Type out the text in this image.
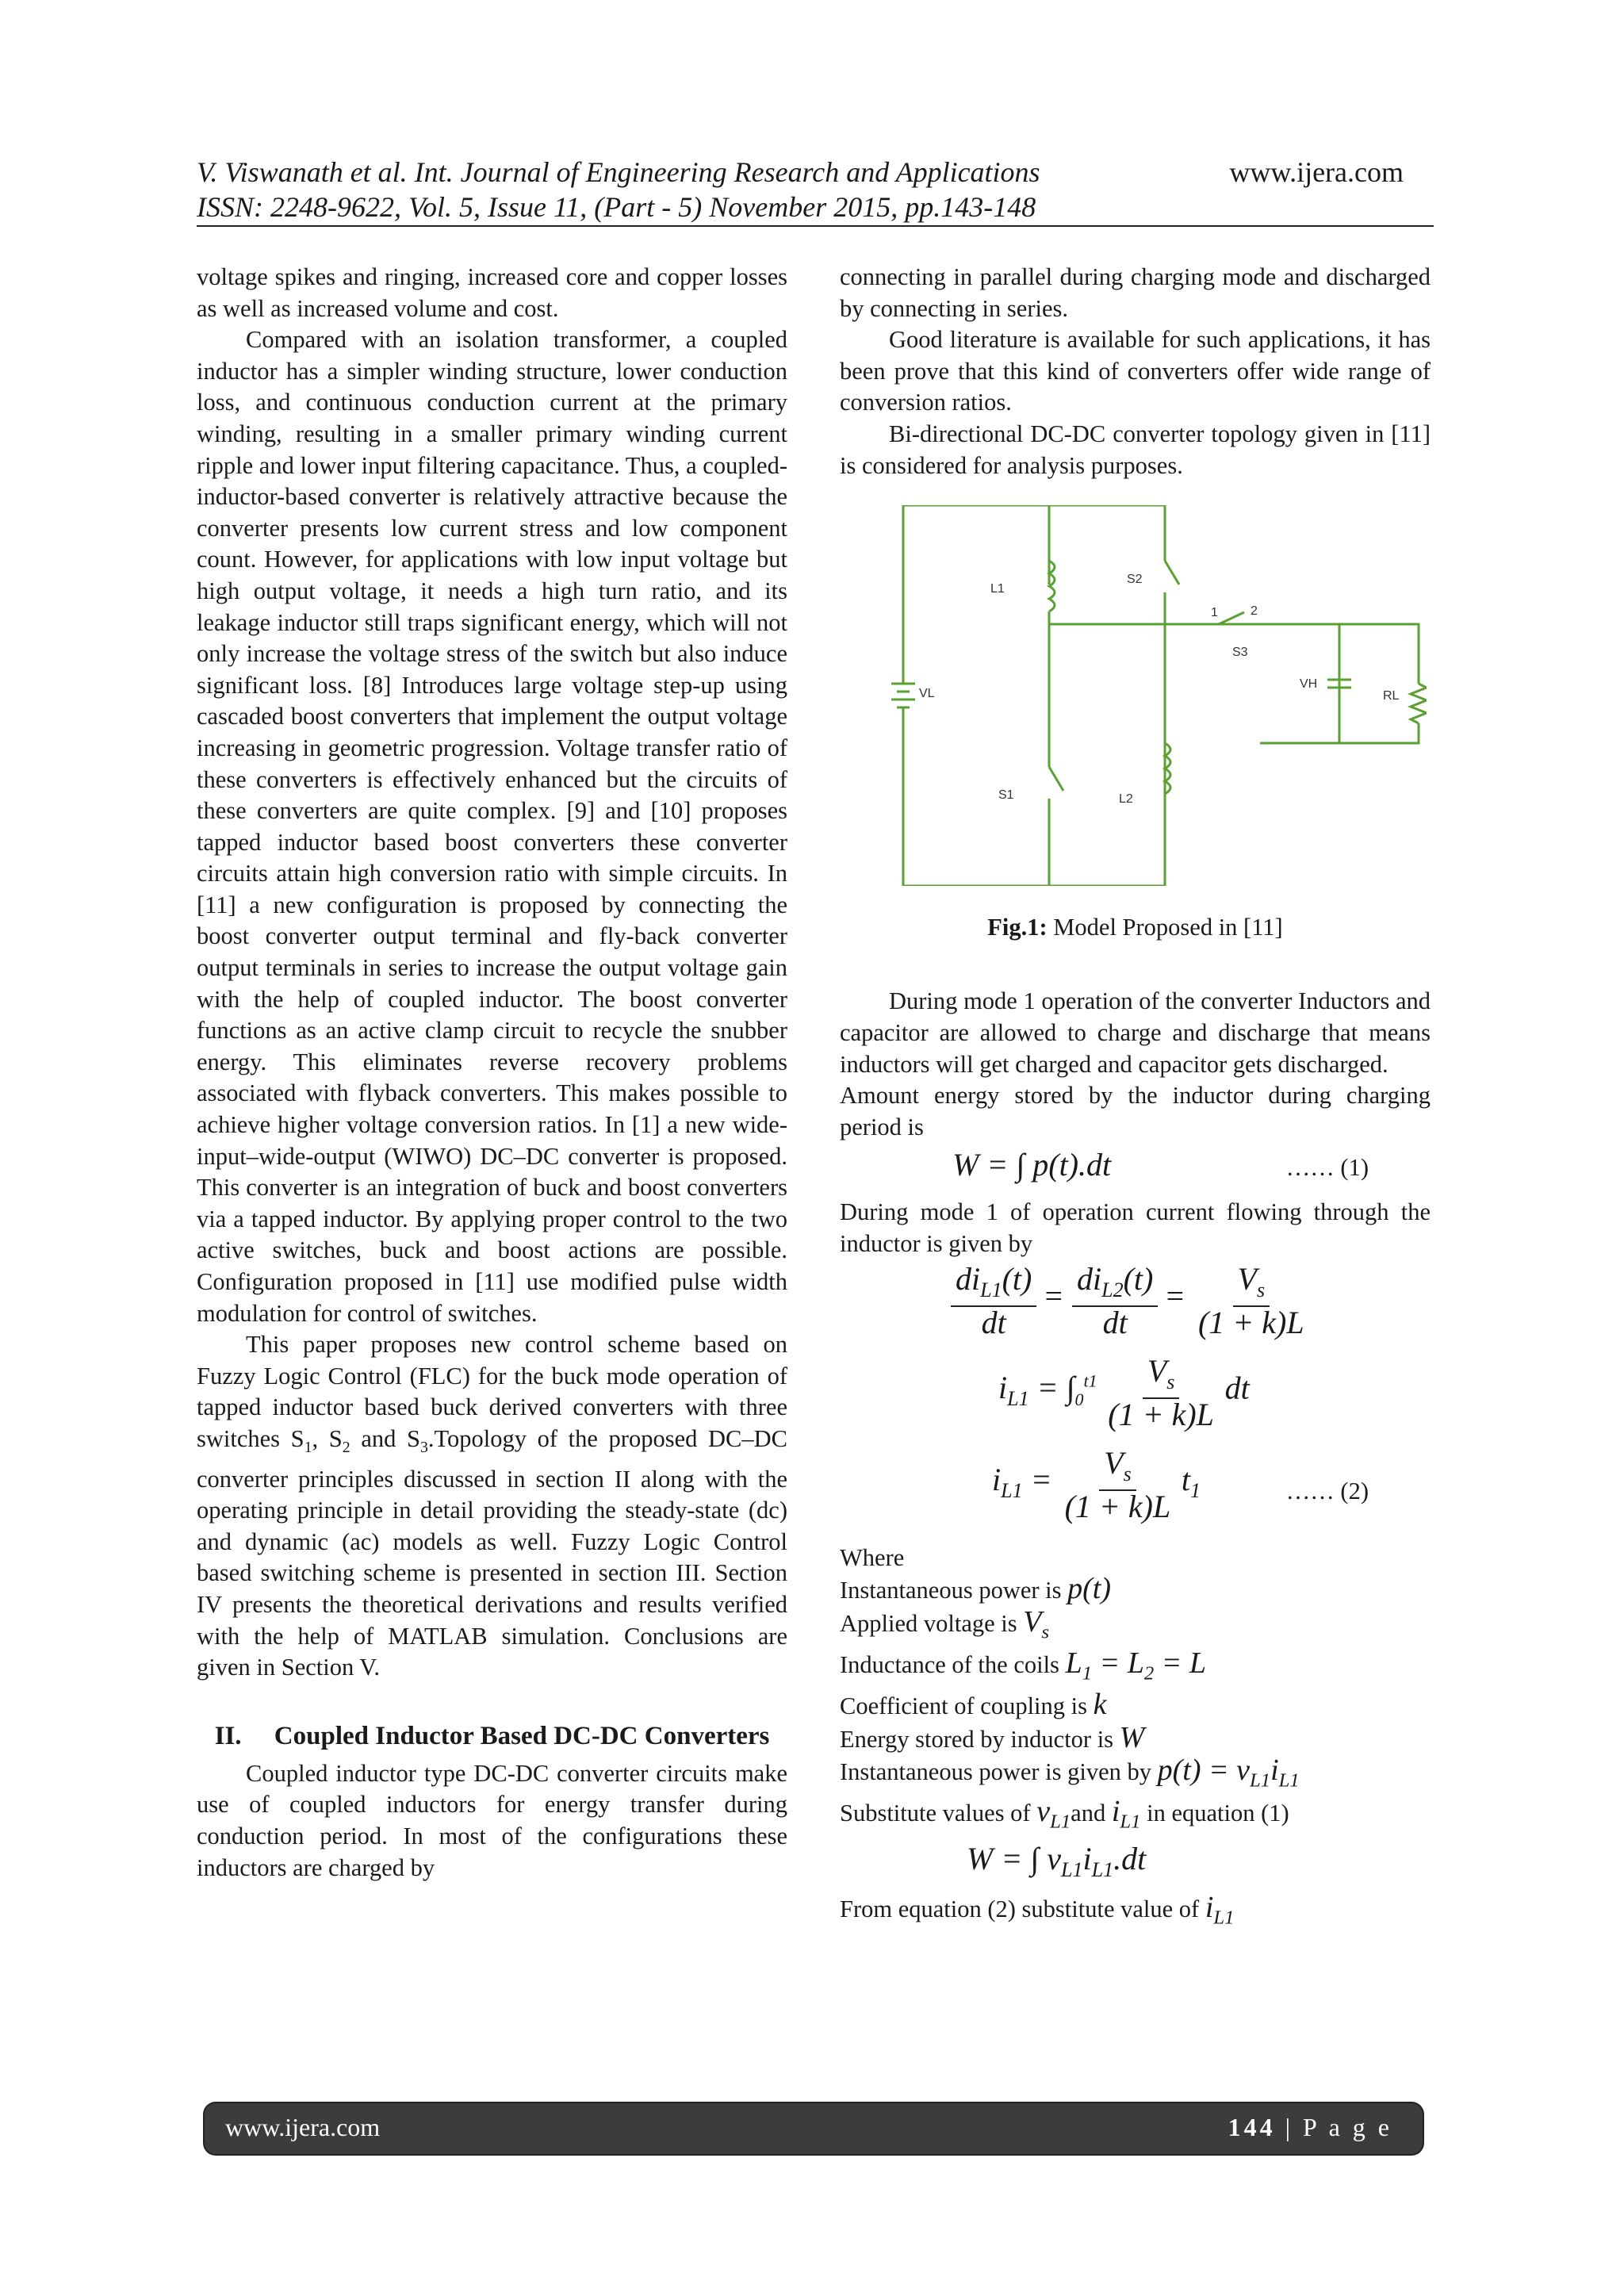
V. Viswanath et al. Int. Journal of Engineering Research and Applications
ISSN: 2248-9622, Vol. 5, Issue 11, (Part - 5) November 2015, pp.143-148
www.ijera.com

voltage spikes and ringing, increased core and copper losses as well as increased volume and cost.

Compared with an isolation transformer, a coupled inductor has a simpler winding structure, lower conduction loss, and continuous conduction current at the primary winding, resulting in a smaller primary winding current ripple and lower input filtering capacitance. Thus, a coupled-inductor-based converter is relatively attractive because the converter presents low current stress and low component count. However, for applications with low input voltage but high output voltage, it needs a high turn ratio, and its leakage inductor still traps significant energy, which will not only increase the voltage stress of the switch but also induce significant loss. [8] Introduces large voltage step-up using cascaded boost converters that implement the output voltage increasing in geometric progression. Voltage transfer ratio of these converters is effectively enhanced but the circuits of these converters are quite complex. [9] and [10] proposes tapped inductor based boost converters these converter circuits attain high conversion ratio with simple circuits. In [11] a new configuration is proposed by connecting the boost converter output terminal and fly-back converter output terminals in series to increase the output voltage gain with the help of coupled inductor. The boost converter functions as an active clamp circuit to recycle the snubber energy. This eliminates reverse recovery problems associated with flyback converters. This makes possible to achieve higher voltage conversion ratios. In [1] a new wide-input–wide-output (WIWO) DC–DC converter is proposed. This converter is an integration of buck and boost converters via a tapped inductor. By applying proper control to the two active switches, buck and boost actions are possible. Configuration proposed in [11] use modified pulse width modulation for control of switches.

This paper proposes new control scheme based on Fuzzy Logic Control (FLC) for the buck mode operation of tapped inductor based buck derived converters with three switches $S_1$, $S_2$ and $S_3.Topology$ of the proposed DC–DC converter principles discussed in section II along with the operating principle in detail providing the steady-state (dc) and dynamic (ac) models as well. Fuzzy Logic Control based switching scheme is presented in section III. Section IV presents the theoretical derivations and results verified with the help of MATLAB simulation. Conclusions are given in Section V.

II. Coupled Inductor Based DC-DC Converters

Coupled inductor type DC-DC converter circuits make use of coupled inductors for energy transfer during conduction period. In most of the configurations these inductors are charged by

connecting in parallel during charging mode and discharged by connecting in series.

Good literature is available for such applications, it has been prove that this kind of converters offer wide range of conversion ratios.

Bi-directional DC-DC converter topology given in [11] is considered for analysis purposes.

L1
S2
1	2
S3
VL
VH
RL
S1	L2
Fig.1: Model Proposed in [11]

During mode 1 operation of the converter Inductors and capacitor are allowed to charge and discharge that means inductors will get charged and capacitor gets discharged.

Amount energy stored by the inductor during charging period is

W = ∫ p(t).dt	…… (1)

During mode 1 of operation current flowing through the inductor is given by

$\frac{di_{L1}(t)}{dt} = \frac{di_{L2}(t)}{dt} = \frac{V_s}{(1 + k)L}$
$i_{L1} = \int_0^{t1} \frac{V_s}{(1 + k)L}$ dt
$i_{L1} = \frac{V_s}{(1 + k)L} t_1$	…… (2)

Where

Instantaneous power is p(t)

Applied voltage is $V_s$

Inductance of the coils $L_1 = L_2 = L$

Coefficient of coupling is k

Energy stored by inductor is W

Instantaneous power is given by $p(t) = v_{L1}i_{L1}$

Substitute values of $v_{L1}and$ $i_{L1}$ in equation (1)

W = ∫ $v_{L1}i_{L1}.dt$

From equation (2) substitute value of $i_{L1}$

www.ijera.com	144 | P a g e
